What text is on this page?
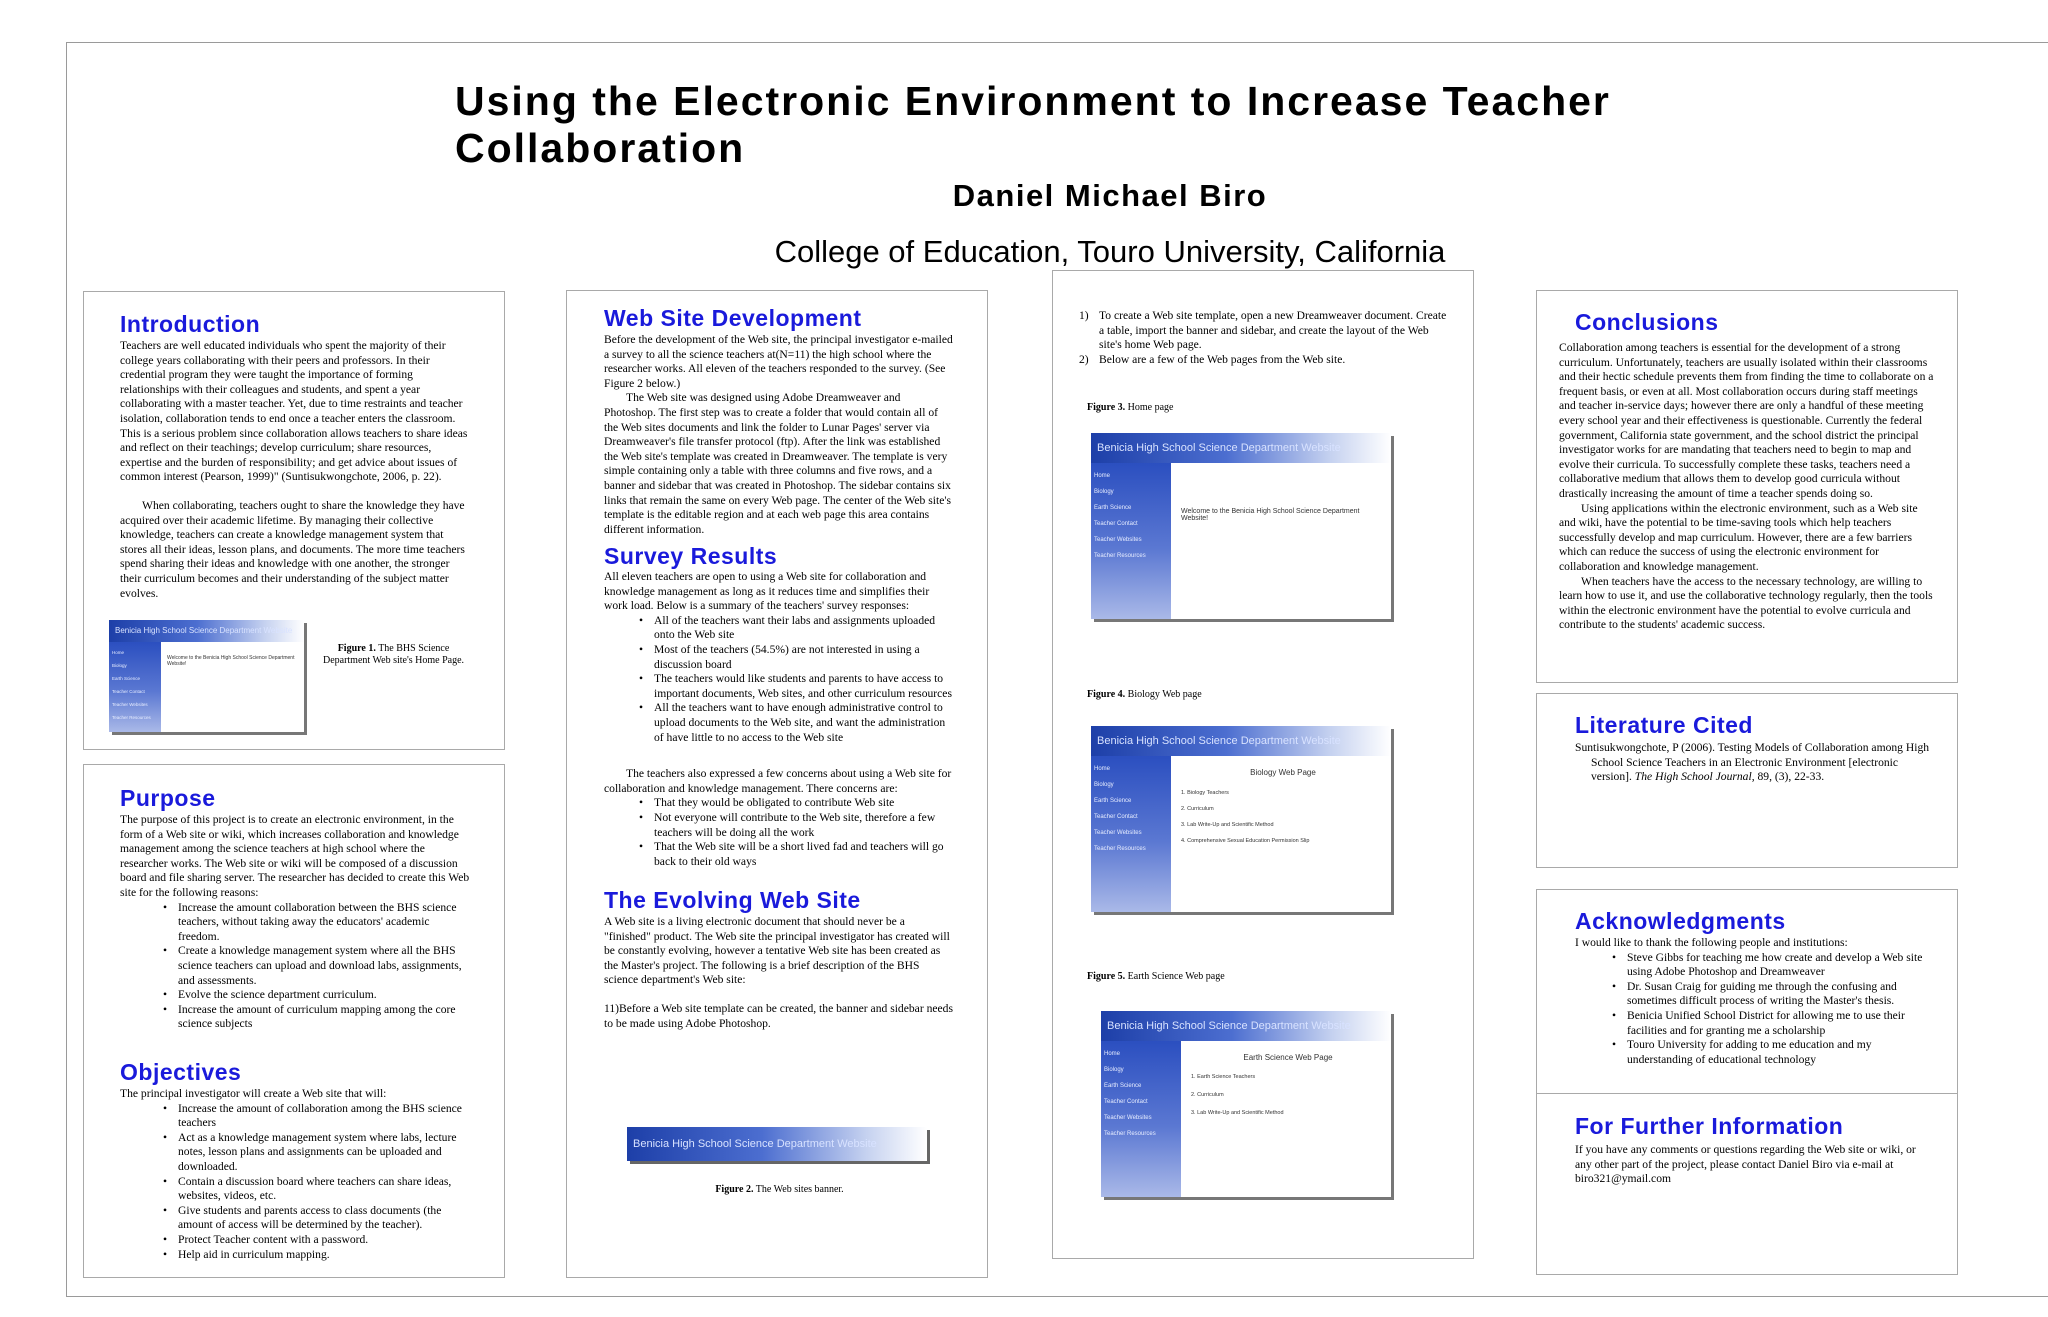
Using the Electronic Environment to Increase Teacher Collaboration
Daniel Michael Biro
College of Education, Touro University, California
Introduction

Teachers are well educated individuals who spent the majority of their college years collaborating with their peers and professors. In their credential program they were taught the importance of forming relationships with their colleagues and students, and spent a year collaborating with a master teacher. Yet, due to time restraints and teacher isolation, collaboration tends to end once a teacher enters the classroom. This is a serious problem since collaboration allows teachers to share ideas and reflect on their teachings; develop curriculum; share resources, expertise and the burden of responsibility; and get advice about issues of common interest (Pearson, 1999)" (Suntisukwongchote, 2006, p. 22).

When collaborating, teachers ought to share the knowledge they have acquired over their academic lifetime. By managing their collective knowledge, teachers can create a knowledge management system that stores all their ideas, lesson plans, and documents. The more time teachers spend sharing their ideas and knowledge with one another, the stronger their curriculum becomes and their understanding of the subject matter evolves.

Benicia High School Science Department Website
Home
Biology
Earth Science
Teacher Contact
Teacher Websites
Teacher Resources
Welcome to the Benicia High School Science Department Website!
Figure 1. The BHS Science Department Web site's Home Page.
Purpose

The purpose of this project is to create an electronic environment, in the form of a Web site or wiki, which increases collaboration and knowledge management among the science teachers at high school where the researcher works. The Web site or wiki will be composed of a discussion board and file sharing server. The researcher has decided to create this Web site for the following reasons:

• Increase the amount collaboration between the BHS science teachers, without taking away the educators' academic freedom.
• Create a knowledge management system where all the BHS science teachers can upload and download labs, assignments, and assessments.
• Evolve the science department curriculum.
• Increase the amount of curriculum mapping among the core science subjects
Objectives

The principal investigator will create a Web site that will:

• Increase the amount of collaboration among the BHS science teachers
• Act as a knowledge management system where labs, lecture notes, lesson plans and assignments can be uploaded and downloaded.
• Contain a discussion board where teachers can share ideas, websites, videos, etc.
• Give students and parents access to class documents (the amount of access will be determined by the teacher).
• Protect Teacher content with a password.
• Help aid in curriculum mapping.
Web Site Development

Before the development of the Web site, the principal investigator e-mailed a survey to all the science teachers at(N=11) the high school where the researcher works. All eleven of the teachers responded to the survey. (See Figure 2 below.)

The Web site was designed using Adobe Dreamweaver and Photoshop. The first step was to create a folder that would contain all of the Web sites documents and link the folder to Lunar Pages' server via Dreamweaver's file transfer protocol (ftp). After the link was established the Web site's template was created in Dreamweaver. The template is very simple containing only a table with three columns and five rows, and a banner and sidebar that was created in Photoshop. The sidebar contains six links that remain the same on every Web page. The center of the Web site's template is the editable region and at each web page this area contains different information.

Survey Results

All eleven teachers are open to using a Web site for collaboration and knowledge management as long as it reduces time and simplifies their work load. Below is a summary of the teachers' survey responses:

• All of the teachers want their labs and assignments uploaded onto the Web site
• Most of the teachers (54.5%) are not interested in using a discussion board
• The teachers would like students and parents to have access to important documents, Web sites, and other curriculum resources
• All the teachers want to have enough administrative control to upload documents to the Web site, and want the administration of have little to no access to the Web site

The teachers also expressed a few concerns about using a Web site for collaboration and knowledge management. There concerns are:

• That they would be obligated to contribute Web site
• Not everyone will contribute to the Web site, therefore a few teachers will be doing all the work
• That the Web site will be a short lived fad and teachers will go back to their old ways
The Evolving Web Site

A Web site is a living electronic document that should never be a "finished" product. The Web site the principal investigator has created will be constantly evolving, however a tentative Web site has been created as the Master's project. The following is a brief description of the BHS science department's Web site:

11)Before a Web site template can be created, the banner and sidebar needs to be made using Adobe Photoshop.

Benicia High School Science Department Website
Figure 2. The Web sites banner.
1) To create a Web site template, open a new Dreamweaver document. Create a table, import the banner and sidebar, and create the layout of the Web site's home Web page.
2) Below are a few of the Web pages from the Web site.
Figure 3. Home page
Benicia High School Science Department Website
Home
Biology
Earth Science
Teacher Contact
Teacher Websites
Teacher Resources
Welcome to the Benicia High School Science Department Website!
Figure 4. Biology Web page
Benicia High School Science Department Website
Home
Biology
Earth Science
Teacher Contact
Teacher Websites
Teacher Resources
Biology Web Page
1. Biology Teachers
2. Curriculum
3. Lab Write-Up and Scientific Method
4. Comprehensive Sexual Education Permission Slip
Figure 5. Earth Science Web page
Benicia High School Science Department Website
Home
Biology
Earth Science
Teacher Contact
Teacher Websites
Teacher Resources
Earth Science Web Page
1. Earth Science Teachers
2. Curriculum
3. Lab Write-Up and Scientific Method
Conclusions

Collaboration among teachers is essential for the development of a strong curriculum. Unfortunately, teachers are usually isolated within their classrooms and their hectic schedule prevents them from finding the time to collaborate on a frequent basis, or even at all. Most collaboration occurs during staff meetings and teacher in-service days; however there are only a handful of these meeting every school year and their effectiveness is questionable. Currently the federal government, California state government, and the school district the principal investigator works for are mandating that teachers need to begin to map and evolve their curricula. To successfully complete these tasks, teachers need a collaborative medium that allows them to develop good curricula without drastically increasing the amount of time a teacher spends doing so.

Using applications within the electronic environment, such as a Web site and wiki, have the potential to be time-saving tools which help teachers successfully develop and map curriculum. However, there are a few barriers which can reduce the success of using the electronic environment for collaboration and knowledge management.

When teachers have the access to the necessary technology, are willing to learn how to use it, and use the collaborative technology regularly, then the tools within the electronic environment have the potential to evolve curricula and contribute to the students' academic success.

Literature Cited
Suntisukwongchote, P (2006). Testing Models of Collaboration among High School Science Teachers in an Electronic Environment [electronic version]. The High School Journal, 89, (3), 22-33.
Acknowledgments

I would like to thank the following people and institutions:

• Steve Gibbs for teaching me how create and develop a Web site using Adobe Photoshop and Dreamweaver
• Dr. Susan Craig for guiding me through the confusing and sometimes difficult process of writing the Master's thesis.
• Benicia Unified School District for allowing me to use their facilities and for granting me a scholarship
• Touro University for adding to me education and my understanding of educational technology
For Further Information
If you have any comments or questions regarding the Web site or wiki, or any other part of the project, please contact Daniel Biro via e-mail at biro321@ymail.com
